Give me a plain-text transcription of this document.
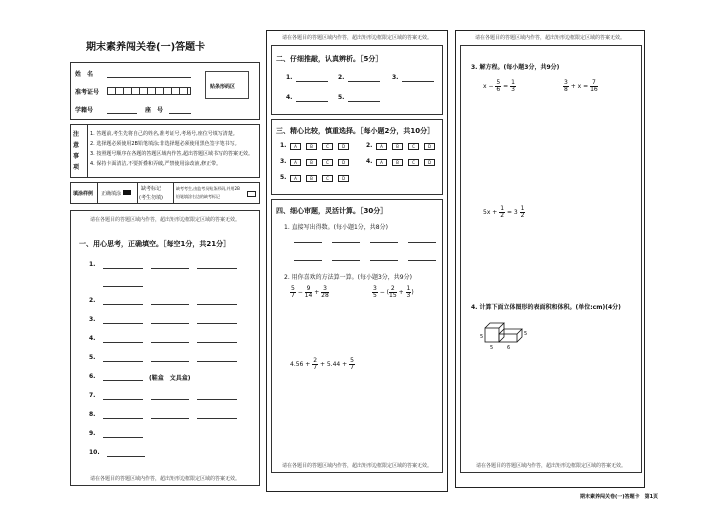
期末素养闯关卷(一)答题卡
姓　名
准考证号
学籍号	座　号
贴条形码区
注
意
事
项
1. 答题前,考生先将自己的姓名,准考证号,考场号,座位号填写清楚。
2. 选择题必须使用2B铅笔填涂;非选择题必须使用黑色签字笔书写。
3. 按照题号顺序在各题的答题区域内作答,超出答题区域书写的答案无效。
4. 保持卡面清洁,不要折叠和弄破,严禁使用涂改液,修正带。
填涂样例 正确填涂
缺考标记
(考生勿填)
缺考考生,由监考员贴条形码,并用2B铅笔填涂右边的缺考标记
请在各题目的答题区域内作答，超出矩形边框限定区域的答案无效。
一、用心思考，正确填空。［每空1分，共21分］
1.
2.
3.
4.
5.
6.	(鞋盒　文具盒)
7.
8.
9.
10.
请在各题目的答题区域内作答，超出矩形边框限定区域的答案无效。
请在各题目的答题区域内作答，超出矩形边框限定区域的答案无效。
二、仔细推敲，认真辨析。［5分］
1.	2.	3.
4.	5.
三、精心比较，慎重选择。［每小题2分，共10分］
1.	A	B	C	D	2.	A	B	C	D
3.	A	B	C	D	4.	A	B	C	D
5.	A	B	C	D
四、细心审题，灵活计算。［30分］
1. 直接写出得数。(每小题1分，共8分)
2. 用你喜欢的方法算一算。(每小题3分，共9分)
$\frac{5}{7} - \frac{9}{14} + \frac{3}{28}$	$\frac{3}{5}$ − ( $\frac{2}{15} + \frac{1}{3}$ )
$4.56 + \frac{2}{7} + 5.44 + \frac{5}{7}$
请在各题目的答题区域内作答，超出矩形边框限定区域的答案无效。
请在各题目的答题区域内作答，超出矩形边框限定区域的答案无效。
3. 解方程。(每小题3分，共9分)
$x - \frac{5}{6} = \frac{1}{3}$	$\frac{3}{8} + x = \frac{7}{16}$
$5x + \frac{1}{2} = 3 \frac{1}{2}$
4. 计算下面立体图形的表面积和体积。(单位:cm)(4分)
5
5	6
5
请在各题目的答题区域内作答，超出矩形边框限定区域的答案无效。
期末素养闯关卷(一)答题卡　第1页
